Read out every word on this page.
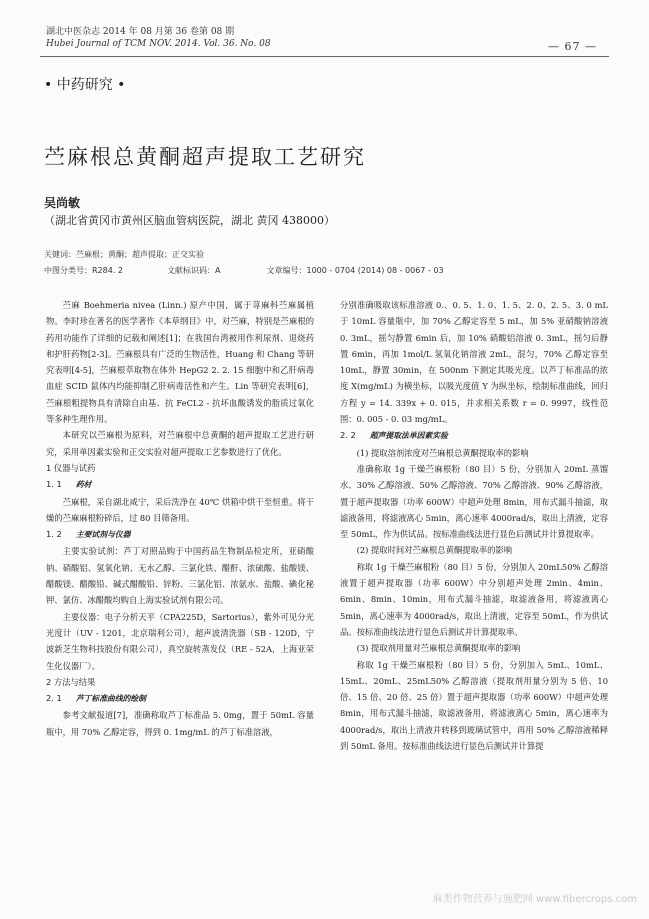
湖北中医杂志 2014 年 08 月第 36 卷第 08 期
Hubei Journal of TCM NOV. 2014. Vol. 36. No. 08	— 67 —
• 中药研究 •
苎麻根总黄酮超声提取工艺研究
吴尚敏
（湖北省黄冈市黄州区脑血管病医院，湖北 黄冈 438000）
关键词：苎麻根；黄酮；超声提取；正交实验
中图分类号：R284. 2	文献标识码：A	文章编号：1000 - 0704 (2014) 08 - 0067 - 03

苎麻 Boehmeria nivea (Linn.) 原产中国，属于荨麻科苎麻属植物。李时珍在著名的医学著作《本草纲目》中，对苎麻，特别是苎麻根的药用功能作了详细的记载和阐述[1]；在我国台湾被用作利尿剂、退烧药和护肝药物[2-3]。苎麻根具有广泛的生物活性，Huang 和 Chang 等研究表明[4-5]，苎麻根萃取物在体外 HepG2 2. 2. 15 细胞中和乙肝病毒血症 SCID 鼠体内均能抑制乙肝病毒活性和产生。Lin 等研究表明[6]，苎麻根粗提物具有清除自由基、抗 FeCL2 - 抗坏血酸诱发的脂质过氧化等多种生理作用。

本研究以苎麻根为原料，对苎麻根中总黄酮的超声提取工艺进行研究，采用单因素实验和正交实验对超声提取工艺参数进行了优化。

1 仪器与试药

1. 1 药材

苎麻根，采自湖北咸宁，采后洗净在 40℃ 烘箱中烘干至恒重。将干燥的苎麻麻根粉碎后，过 80 目筛备用。

1. 2 主要试剂与仪器

主要实验试剂：芦丁对照品购于中国药品生物制品检定所，亚硝酸钠、硝酸铝、氢氧化钠、无水乙醇、三氯化铁、醋酐、浓硫酸、盐酸镁、醋酸镁、醋酸铅、碱式醋酸铅、锌粉、三氯化铝、浓氨水、盐酸、碘化秘钾、氯仿、冰醋酸均购自上海实验试剂有限公司。

主要仪器：电子分析天平（CPA225D，Sartorius），紫外可见分光光度计（UV - 1201，北京瑞利公司），超声波清洗器（SB - 120D，宁波新芝生物科技股份有限公司），真空旋转蒸发仪（RE - 52A，上海亚荣生化仪器厂）。

2 方法与结果

2. 1 芦丁标准曲线的绘制

参考文献报道[7]，准确称取芦丁标准品 5. 0mg，置于 50mL 容量瓶中，用 70% 乙醇定容，得到 0. 1mg/mL 的芦丁标准溶液，

分别准确吸取该标准溶液 0.、0. 5、1. 0、1. 5、2. 0、2. 5、3. 0 mL 于 10mL 容量瓶中，加 70% 乙醇定容至 5 mL，加 5% 亚硝酸钠溶液 0. 3mL，摇匀静置 6min 后，加 10% 硝酸铝溶液 0. 3mL，摇匀后静置 6min，再加 1mol/L 氢氧化钠溶液 2mL，混匀，70% 乙醇定容至 10mL，静置 30min，在 500nm 下测定其吸光度。以芦丁标准品的浓度 X(mg/mL) 为横坐标，以吸光度值 Y 为纵坐标，绘制标准曲线，回归方程 y = 14. 339x + 0. 015，并求相关系数 r = 0. 9997，线性范围：0. 005 - 0. 03 mg/mL。

2. 2 超声提取法单因素实验

(1) 提取溶剂浓度对苎麻根总黄酮提取率的影响

准确称取 1g 干燥苎麻根粉（80 目）5 份，分别加入 20mL 蒸馏水、30% 乙醇溶液、50% 乙醇溶液、70% 乙醇溶液、90% 乙醇溶液，置于超声提取器（功率 600W）中超声处理 8min，用布式漏斗抽滤，取滤液备用，将滤液离心 5min，离心速率 4000rad/s，取出上清液，定容至 50mL，作为供试品。按标准曲线法进行显色后测试并计算提取率。

(2) 提取时间对苎麻根总黄酮提取率的影响

称取 1g 干燥苎麻根粉（80 目）5 份，分别加入 20mL50% 乙醇溶液置于超声提取器（功率 600W）中分别超声处理 2min、4min、6min、8min、10min，用布式漏斗抽滤，取滤液备用，将滤液离心 5min，离心速率为 4000rad/s，取出上清液，定容至 50mL，作为供试品。按标准曲线法进行显色后测试并计算提取率。

(3) 提取剂用量对苎麻根总黄酮提取率的影响

称取 1g 干燥苎麻根粉（80 目）5 份，分别加入 5mL、10mL、15mL、20mL、25mL50% 乙醇溶液（提取剂用量分别为 5 倍、10 倍、15 倍、20 倍、25 倍）置于超声提取器（功率 600W）中超声处理 8min，用布式漏斗抽滤，取滤液备用，将滤液离心 5min，离心速率为 4000rad/s，取出上清液并转移到玻璃试管中，再用 50% 乙醇溶液稀释到 50mL 备用。按标准曲线法进行显色后测试并计算提

麻类作物营养与施肥网 www.fibercrops.com
